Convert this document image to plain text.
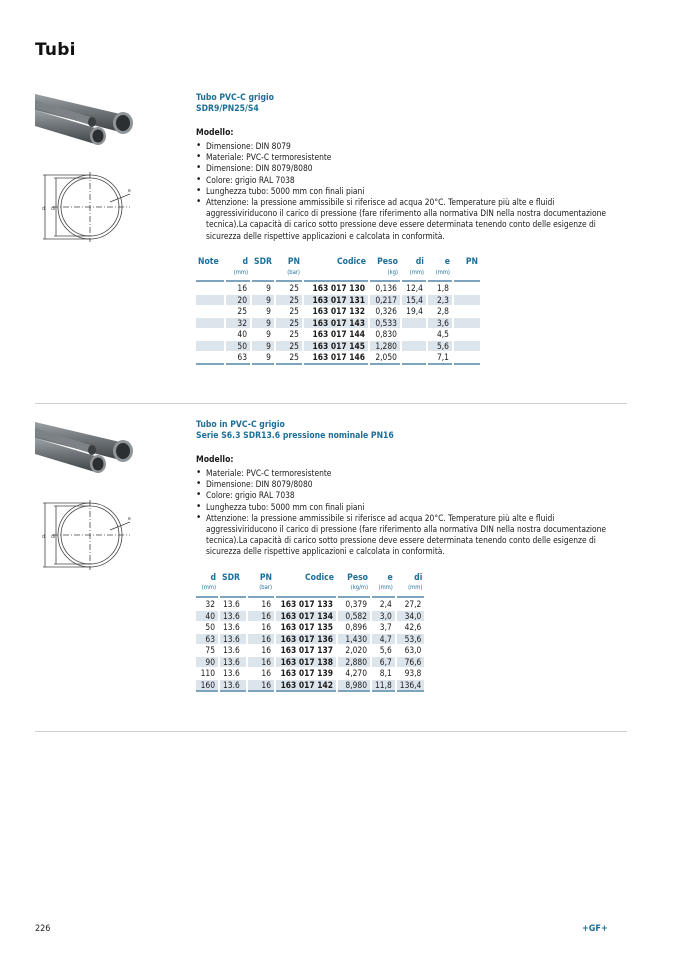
Tubi
d di
e
Tubo PVC-C grigio
SDR9/PN25/S4
Modello:
• Dimensione: DIN 8079
• Materiale: PVC-C termoresistente
• Dimensione: DIN 8079/8080
• Colore: grigio RAL 7038
• Lunghezza tubo: 5000 mm con finali piani
• Attenzione: la pressione ammissibile si riferisce ad acqua 20°C. Temperature più alte e fluidi aggressiviriducono il carico di pressione (fare riferimento alla normativa DIN nella nostra documentazione tecnica).La capacità di carico sotto pressione deve essere determinata tenendo conto delle esigenze di sicurezza delle rispettive applicazioni e calcolata in conformità.
Note	d	SDR	PN	Codice	Peso	di	e	PN
	(mm)		(bar)		(kg)	(mm)	(mm)	
	16	9	25	163 017 130	0,136	12,4	1,8	
	20	9	25	163 017 131	0,217	15,4	2,3	
	25	9	25	163 017 132	0,326	19,4	2,8	
	32	9	25	163 017 143	0,533		3,6	
	40	9	25	163 017 144	0,830		4,5	
	50	9	25	163 017 145	1,280		5,6	
	63	9	25	163 017 146	2,050		7,1	
d di
e
Tubo in PVC-C grigio
Serie S6.3 SDR13.6 pressione nominale PN16
Modello:
• Materiale: PVC-C termoresistente
• Dimensione: DIN 8079/8080
• Colore: grigio RAL 7038
• Lunghezza tubo: 5000 mm con finali piani
• Attenzione: la pressione ammissibile si riferisce ad acqua 20°C. Temperature più alte e fluidi aggressiviriducono il carico di pressione (fare riferimento alla normativa DIN nella nostra documentazione tecnica).La capacità di carico sotto pressione deve essere determinata tenendo conto delle esigenze di sicurezza delle rispettive applicazioni e calcolata in conformità.
d	SDR	PN	Codice	Peso	e	di
(mm)		(bar)		(kg/m)	(mm)	(mm)
32	13.6	16	163 017 133	0,379	2,4	27,2
40	13.6	16	163 017 134	0,582	3,0	34,0
50	13.6	16	163 017 135	0,896	3,7	42,6
63	13.6	16	163 017 136	1,430	4,7	53,6
75	13.6	16	163 017 137	2,020	5,6	63,0
90	13.6	16	163 017 138	2,880	6,7	76,6
110	13.6	16	163 017 139	4,270	8,1	93,8
160	13.6	16	163 017 142	8,980	11,8	136,4
226	+GF+
